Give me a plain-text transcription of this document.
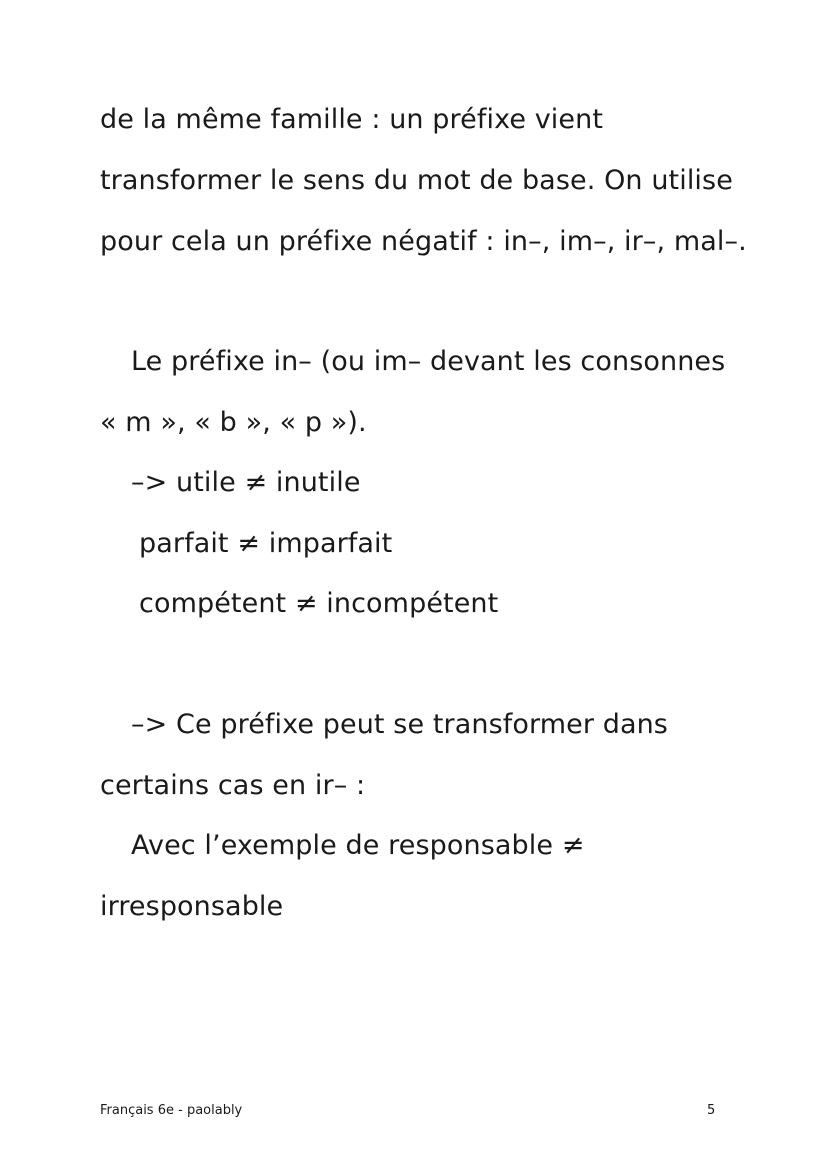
de la même famille : un préfixe vient
transformer le sens du mot de base. On utilise
pour cela un préfixe négatif : in–, im–, ir–, mal–.
Le préfixe in– (ou im– devant les consonnes
« m », « b », « p »).
–> utile ≠ inutile
parfait ≠ imparfait
compétent ≠ incompétent
–> Ce préfixe peut se transformer dans
certains cas en ir– :
Avec l’exemple de responsable ≠
irresponsable
Français 6e - paolably	5
